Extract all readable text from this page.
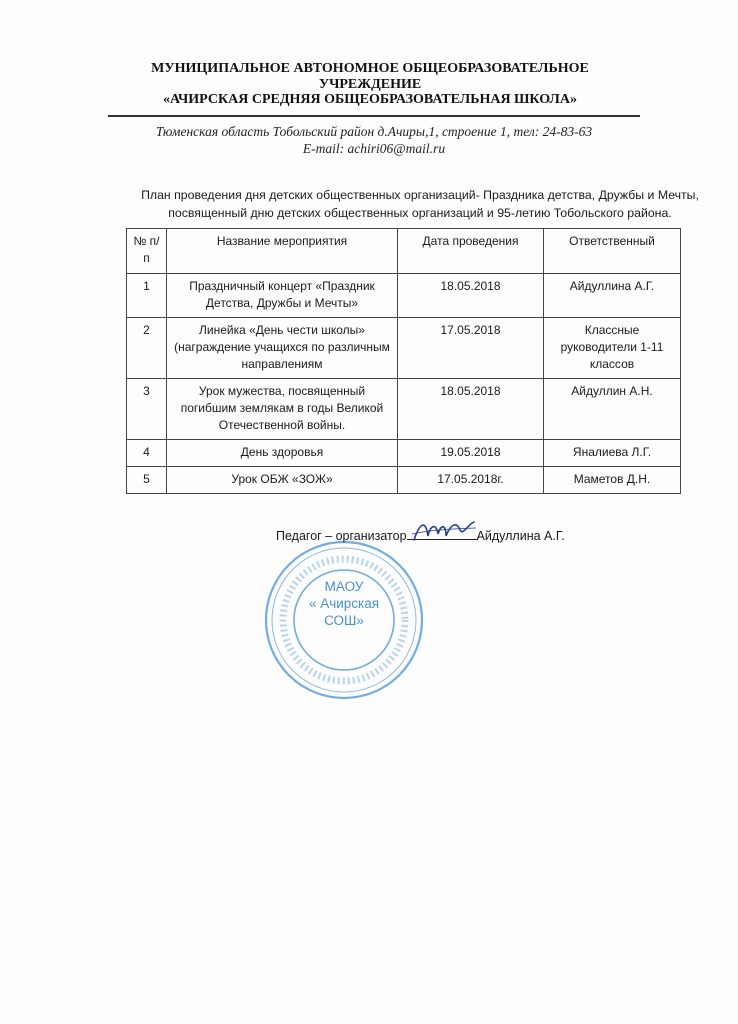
МУНИЦИПАЛЬНОЕ АВТОНОМНОЕ ОБЩЕОБРАЗОВАТЕЛЬНОЕ
УЧРЕЖДЕНИЕ
«АЧИРСКАЯ СРЕДНЯЯ ОБЩЕОБРАЗОВАТЕЛЬНАЯ ШКОЛА»
Тюменская область Тобольский район д.Ачиры,1, строение 1, тел: 24-83-63
E-mail: achiri06@mail.ru
План проведения дня детских общественных организаций- Праздника детства, Дружбы и Мечты,
посвященный дню детских общественных организаций и 95-летию Тобольского района.
№ п/п	Название мероприятия	Дата проведения	Ответственный
1	Праздничный концерт «Праздник Детства, Дружбы и Мечты»	18.05.2018	Айдуллина А.Г.
2	Линейка «День чести школы» (награждение учащихся по различным направлениям	17.05.2018	Классные руководители 1-11 классов
3	Урок мужества, посвященный погибшим землякам в годы Великой Отечественной войны.	18.05.2018	Айдуллин А.Н.
4	День здоровья	19.05.2018	Яналиева Л.Г.
5	Урок ОБЖ «ЗОЖ»	17.05.2018г.	Маметов Д.Н.
МАОУ
« Ачирская
СОШ»
Педагог – организатор	Айдуллина А.Г.
